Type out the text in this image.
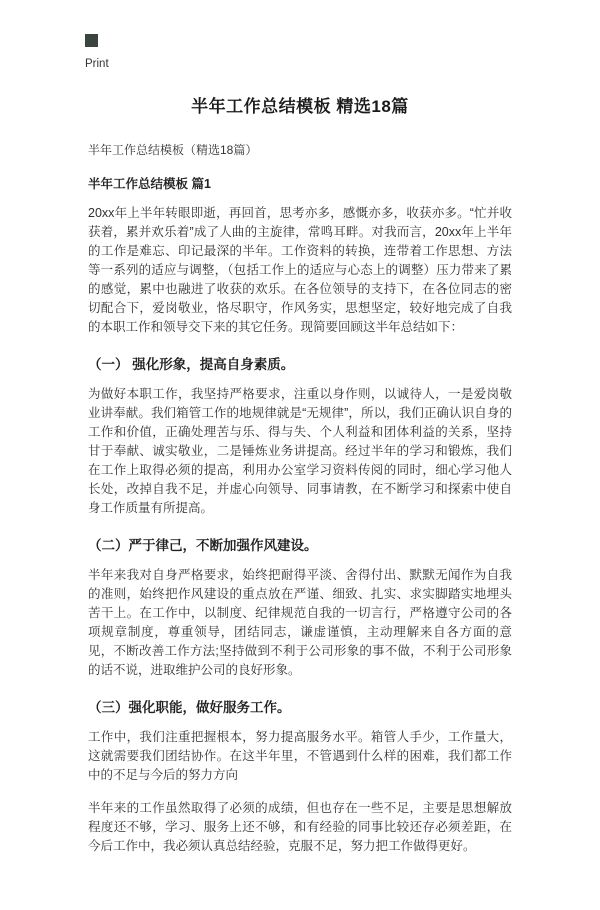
Print
半年工作总结模板 精选18篇

半年工作总结模板（精选18篇）

半年工作总结模板 篇1

20xx年上半年转眼即逝，再回首，思考亦多，感慨亦多，收获亦多。“忙并收获着，累并欢乐着”成了人曲的主旋律，常鸣耳畔。对我而言，20xx年上半年的工作是难忘、印记最深的半年。工作资料的转换，连带着工作思想、方法等一系列的适应与调整，（包括工作上的适应与心态上的调整）压力带来了累的感觉，累中也融进了收获的欢乐。在各位领导的支持下，在各位同志的密切配合下，爱岗敬业，恪尽职守，作风务实，思想坚定，较好地完成了自我的本职工作和领导交下来的其它任务。现简要回顾这半年总结如下：

（一） 强化形象，提高自身素质。

为做好本职工作，我坚持严格要求，注重以身作则，以诚待人，一是爱岗敬业讲奉献。我们箱管工作的地规律就是“无规律”，所以，我们正确认识自身的工作和价值，正确处理苦与乐、得与失、个人利益和团体利益的关系，坚持甘于奉献、诚实敬业，二是锤炼业务讲提高。经过半年的学习和锻炼，我们在工作上取得必须的提高，利用办公室学习资料传阅的同时，细心学习他人长处，改掉自我不足，并虚心向领导、同事请教，在不断学习和探索中使自身工作质量有所提高。

（二）严于律己，不断加强作风建设。

半年来我对自身严格要求，始终把耐得平淡、舍得付出、默默无闻作为自我的准则，始终把作风建设的重点放在严谨、细致、扎实、求实脚踏实地埋头苦干上。在工作中，以制度、纪律规范自我的一切言行，严格遵守公司的各项规章制度，尊重领导，团结同志，谦虚谨慎，主动理解来自各方面的意见，不断改善工作方法;坚持做到不利于公司形象的事不做，不利于公司形象的话不说，进取维护公司的良好形象。

（三）强化职能，做好服务工作。

工作中，我们注重把握根本，努力提高服务水平。箱管人手少，工作量大，这就需要我们团结协作。在这半年里，不管遇到什么样的困难，我们都工作中的不足与今后的努力方向

半年来的工作虽然取得了必须的成绩，但也存在一些不足，主要是思想解放程度还不够，学习、服务上还不够，和有经验的同事比较还存必须差距，在今后工作中，我必须认真总结经验，克服不足，努力把工作做得更好。
